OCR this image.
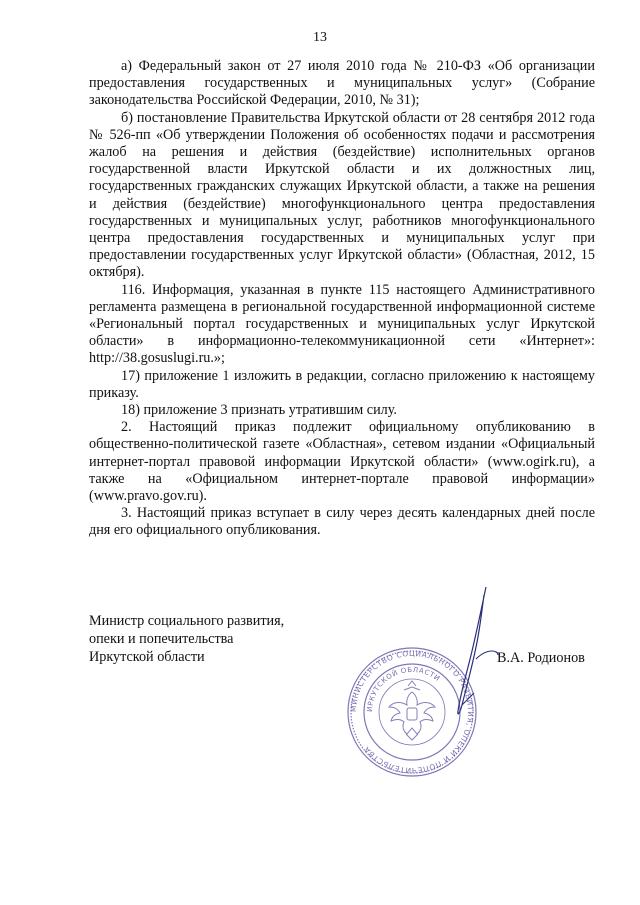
13

а) Федеральный закон от 27 июля 2010 года № 210-ФЗ «Об организации предоставления государственных и муниципальных услуг» (Собрание законодательства Российской Федерации, 2010, № 31);

б) постановление Правительства Иркутской области от 28 сентября 2012 года № 526-пп «Об утверждении Положения об особенностях подачи и рассмотрения жалоб на решения и действия (бездействие) исполнительных органов государственной власти Иркутской области и их должностных лиц, государственных гражданских служащих Иркутской области, а также на решения и действия (бездействие) многофункционального центра предоставления государственных и муниципальных услуг, работников многофункционального центра предоставления государственных и муниципальных услуг при предоставлении государственных услуг Иркутской области» (Областная, 2012, 15 октября).

116. Информация, указанная в пункте 115 настоящего Административного регламента размещена в региональной государственной информационной системе «Региональный портал государственных и муниципальных услуг Иркутской области» в информационно-телекоммуникационной сети «Интернет»: http://38.gosuslugi.ru.»;

17) приложение 1 изложить в редакции, согласно приложению к настоящему приказу.

18) приложение 3 признать утратившим силу.

2. Настоящий приказ подлежит официальному опубликованию в общественно-политической газете «Областная», сетевом издании «Официальный интернет-портал правовой информации Иркутской области» (www.ogirk.ru), а также на «Официальном интернет-портале правовой информации» (www.pravo.gov.ru).

3. Настоящий приказ вступает в силу через десять календарных дней после дня его официального опубликования.

Министр социального развития,
опеки и попечительства
Иркутской области	В.А. Родионов
МИНИСТЕРСТВО СОЦИАЛЬНОГО РАЗВИТИЯ, ОПЕКИ И ПОПЕЧИТЕЛЬСТВА
ИРКУТСКОЙ ОБЛАСТИ
